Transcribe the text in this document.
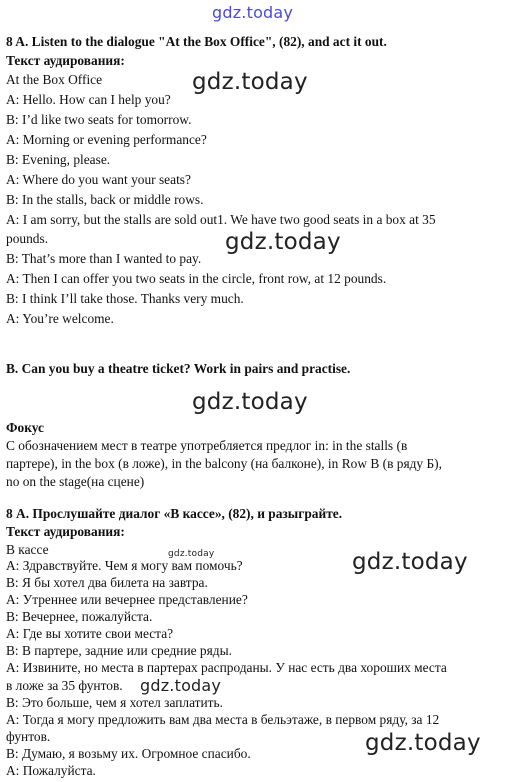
8 A. Listen to the dialogue "At the Box Office", (82), and act it out.
Текст аудирования:
At the Box Office
A: Hello. How can I help you?
B: I’d like two seats for tomorrow.
A: Morning or evening performance?
B: Evening, please.
A: Where do you want your seats?
B: In the stalls, back or middle rows.
A: I am sorry, but the stalls are sold out1. We have two good seats in a box at 35
pounds.
B: That’s more than I wanted to pay.
A: Then I can offer you two seats in the circle, front row, at 12 pounds.
B: I think I’ll take those. Thanks very much.
A: You’re welcome.
B. Can you buy a theatre ticket? Work in pairs and practise.
Фокус
С обозначением мест в театре употребляется предлог in: in the stalls (в
партере), in the box (в ложе), in the balcony (на балконе), in Row B (в ряду Б),
no on the stage(на сцене)
8 А. Прослушайте диалог «В кассе», (82), и разыграйте.
Текст аудирования:
В кассе
А: Здравствуйте. Чем я могу вам помочь?
B: Я бы хотел два билета на завтра.
А: Утреннее или вечернее представление?
B: Вечернее, пожалуйста.
А: Где вы хотите свои места?
B: В партере, задние или средние ряды.
А: Извините, но места в партерах распроданы. У нас есть два хороших места
в ложе за 35 фунтов.
B: Это больше, чем я хотел заплатить.
А: Тогда я могу предложить вам два места в бельэтаже, в первом ряду, за 12
фунтов.
B: Думаю, я возьму их. Огромное спасибо.
А: Пожалуйста.
gdz.today
gdz.today
gdz.today
gdz.today
gdz.today	gdz.today
gdz.today
gdz.today
